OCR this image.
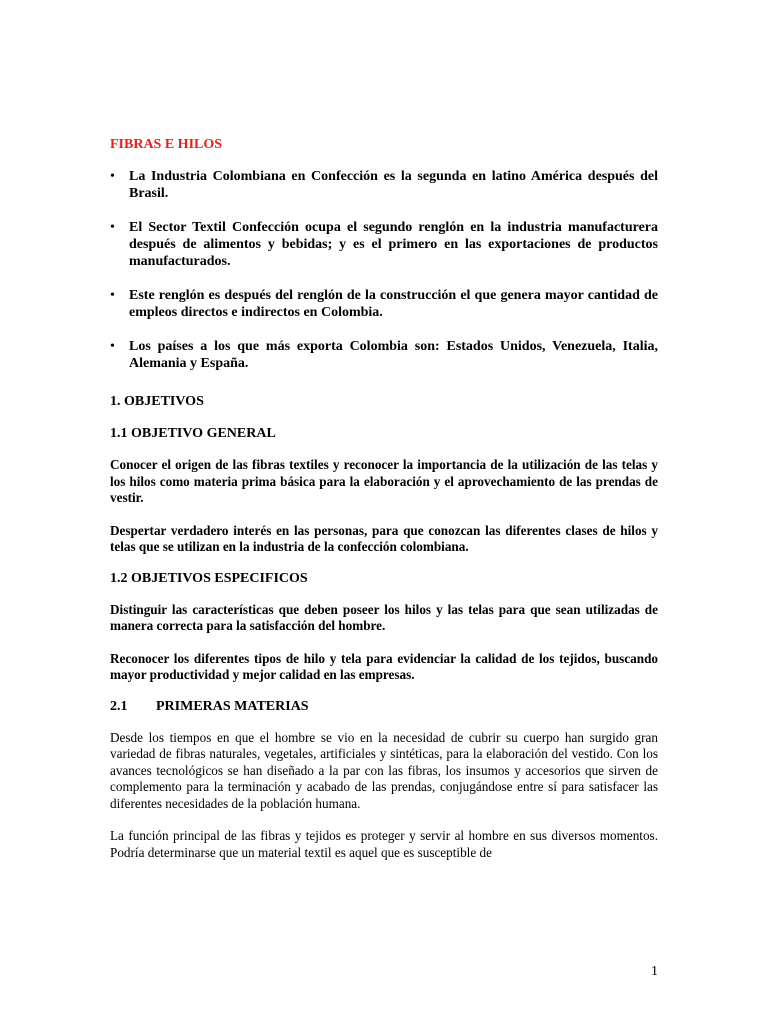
FIBRAS E HILOS
• La Industria Colombiana en Confección es la segunda en latino América después del Brasil.
• El Sector Textil Confección ocupa el segundo renglón en la industria manufacturera después de alimentos y bebidas; y es el primero en las exportaciones de productos manufacturados.
• Este renglón es después del renglón de la construcción el que genera mayor cantidad de empleos directos e indirectos en Colombia.
• Los países a los que más exporta Colombia son: Estados Unidos, Venezuela, Italia, Alemania y España.
1. OBJETIVOS
1.1 OBJETIVO GENERAL

Conocer el origen de las fibras textiles y reconocer la importancia de la utilización de las telas y los hilos como materia prima básica para la elaboración y el aprovechamiento de las prendas de vestir.

Despertar verdadero interés en las personas, para que conozcan las diferentes clases de hilos y telas que se utilizan en la industria de la confección colombiana.

1.2 OBJETIVOS ESPECIFICOS

Distinguir las características que deben poseer los hilos y las telas para que sean utilizadas de manera correcta para la satisfacción del hombre.

Reconocer los diferentes tipos de hilo y tela para evidenciar la calidad de los tejidos, buscando mayor productividad y mejor calidad en las empresas.

2.1 PRIMERAS MATERIAS

Desde los tiempos en que el hombre se vio en la necesidad de cubrir su cuerpo han surgido gran variedad de fibras naturales, vegetales, artificiales y sintéticas, para la elaboración del vestido. Con los avances tecnológicos se han diseñado a la par con las fibras, los insumos y accesorios que sirven de complemento para la terminación y acabado de las prendas, conjugándose entre sí para satisfacer las diferentes necesidades de la población humana.

La función principal de las fibras y tejidos es proteger y servir al hombre en sus diversos momentos. Podría determinarse que un material textil es aquel que es susceptible de

1
